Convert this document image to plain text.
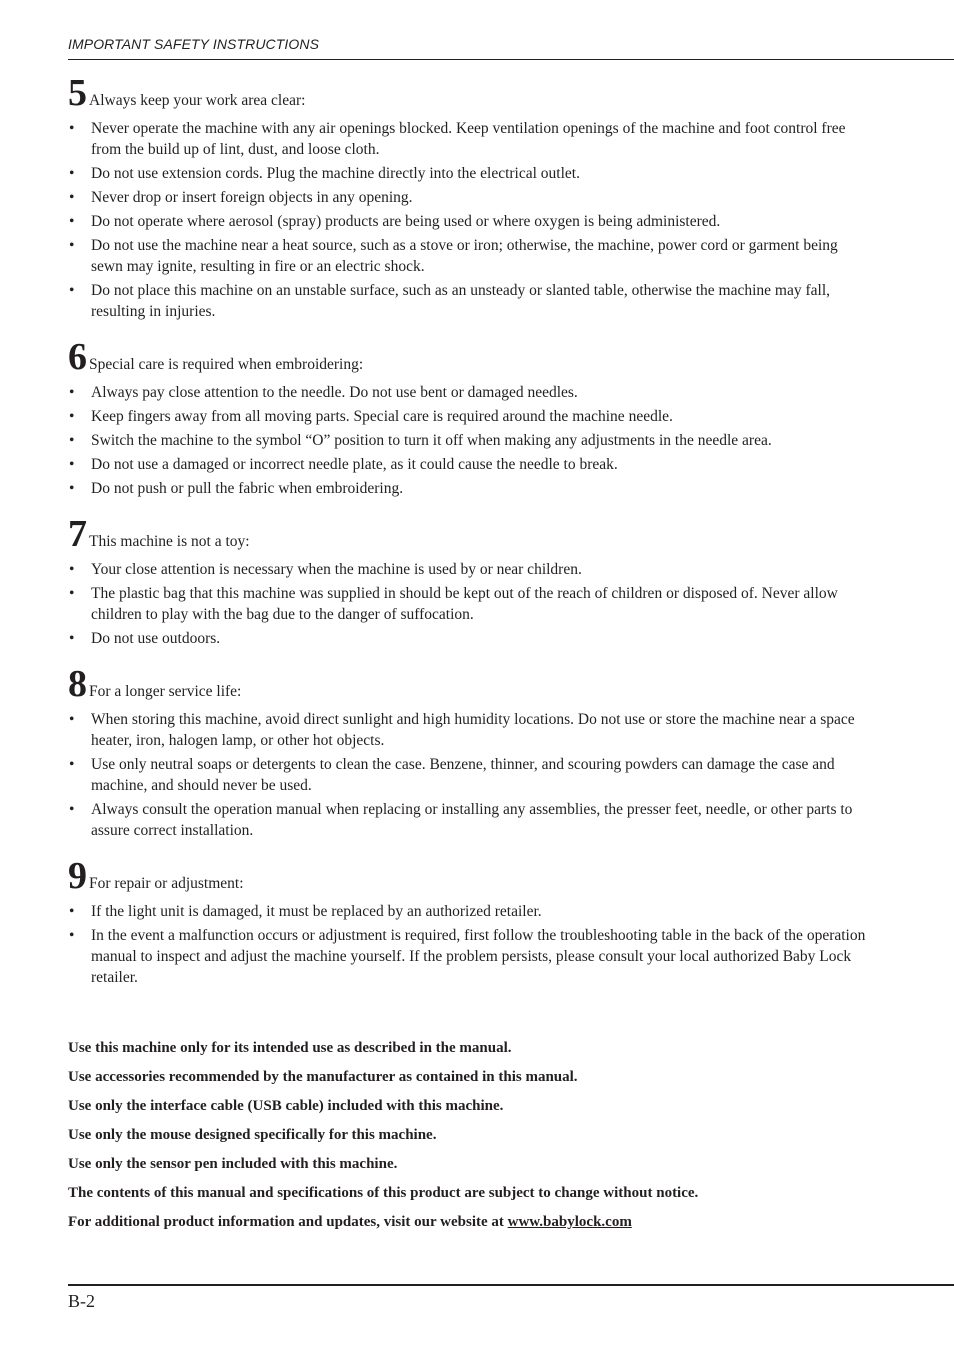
IMPORTANT SAFETY INSTRUCTIONS
5 Always keep your work area clear:
• Never operate the machine with any air openings blocked. Keep ventilation openings of the machine and foot control free from the build up of lint, dust, and loose cloth.
• Do not use extension cords. Plug the machine directly into the electrical outlet.
• Never drop or insert foreign objects in any opening.
• Do not operate where aerosol (spray) products are being used or where oxygen is being administered.
• Do not use the machine near a heat source, such as a stove or iron; otherwise, the machine, power cord or garment being sewn may ignite, resulting in fire or an electric shock.
• Do not place this machine on an unstable surface, such as an unsteady or slanted table, otherwise the machine may fall, resulting in injuries.
6 Special care is required when embroidering:
• Always pay close attention to the needle. Do not use bent or damaged needles.
• Keep fingers away from all moving parts. Special care is required around the machine needle.
• Switch the machine to the symbol “O” position to turn it off when making any adjustments in the needle area.
• Do not use a damaged or incorrect needle plate, as it could cause the needle to break.
• Do not push or pull the fabric when embroidering.
7 This machine is not a toy:
• Your close attention is necessary when the machine is used by or near children.
• The plastic bag that this machine was supplied in should be kept out of the reach of children or disposed of. Never allow children to play with the bag due to the danger of suffocation.
• Do not use outdoors.
8 For a longer service life:
• When storing this machine, avoid direct sunlight and high humidity locations. Do not use or store the machine near a space heater, iron, halogen lamp, or other hot objects.
• Use only neutral soaps or detergents to clean the case. Benzene, thinner, and scouring powders can damage the case and machine, and should never be used.
• Always consult the operation manual when replacing or installing any assemblies, the presser feet, needle, or other parts to assure correct installation.
9 For repair or adjustment:
• If the light unit is damaged, it must be replaced by an authorized retailer.
• In the event a malfunction occurs or adjustment is required, first follow the troubleshooting table in the back of the operation manual to inspect and adjust the machine yourself. If the problem persists, please consult your local authorized Baby Lock retailer.
Use this machine only for its intended use as described in the manual.
Use accessories recommended by the manufacturer as contained in this manual.
Use only the interface cable (USB cable) included with this machine.
Use only the mouse designed specifically for this machine.
Use only the sensor pen included with this machine.
The contents of this manual and specifications of this product are subject to change without notice.
For additional product information and updates, visit our website at www.babylock.com
B-2
